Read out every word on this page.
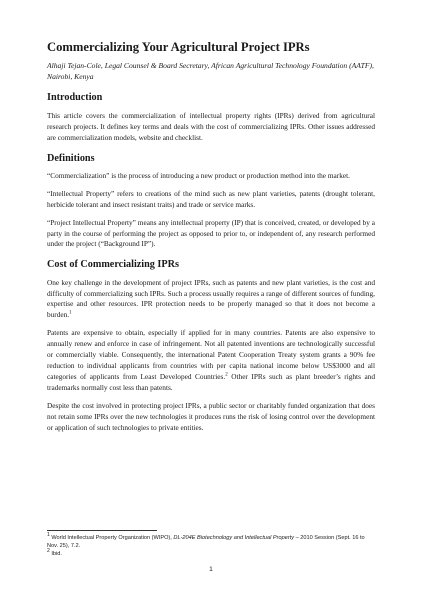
Commercializing Your Agricultural Project IPRs

Alhaji Tejan-Cole, Legal Counsel & Board Secretary, African Agricultural Technology Foundation (AATF), Nairobi, Kenya

Introduction

This article covers the commercialization of intellectual property rights (IPRs) derived from agricultural research projects. It defines key terms and deals with the cost of commercializing IPRs. Other issues addressed are commercialization models, website and checklist.

Definitions

“Commercialization” is the process of introducing a new product or production method into the market.

“Intellectual Property” refers to creations of the mind such as new plant varieties, patents (drought tolerant, herbicide tolerant and insect resistant traits) and trade or service marks.

“Project Intellectual Property” means any intellectual property (IP) that is conceived, created, or developed by a party in the course of performing the project as opposed to prior to, or independent of, any research performed under the project (“Background IP”).

Cost of Commercializing IPRs

One key challenge in the development of project IPRs, such as patents and new plant varieties, is the cost and difficulty of commercializing such IPRs. Such a process usually requires a range of different sources of funding, expertise and other resources. IPR protection needs to be properly managed so that it does not become a burden.$^1$

Patents are expensive to obtain, especially if applied for in many countries. Patents are also expensive to annually renew and enforce in case of infringement. Not all patented inventions are technologically successful or commercially viable. Consequently, the international Patent Cooperation Treaty system grants a 90% fee reduction to individual applicants from countries with per capita national income below US$3000 and all categories of applicants from Least Developed Countries.$^2$ Other IPRs such as plant breeder’s rights and trademarks normally cost less than patents.

Despite the cost involved in protecting project IPRs, a public sector or charitably funded organization that does not retain some IPRs over the new technologies it produces runs the risk of losing control over the development or application of such technologies to private entities.

$^1$ World Intellectual Property Organization (WIPO), DL-204E Biotechnology and Intellectual Property – 2010 Session (Sept. 16 to Nov. 25), 7.2.

$^2$ Ibid.

1
